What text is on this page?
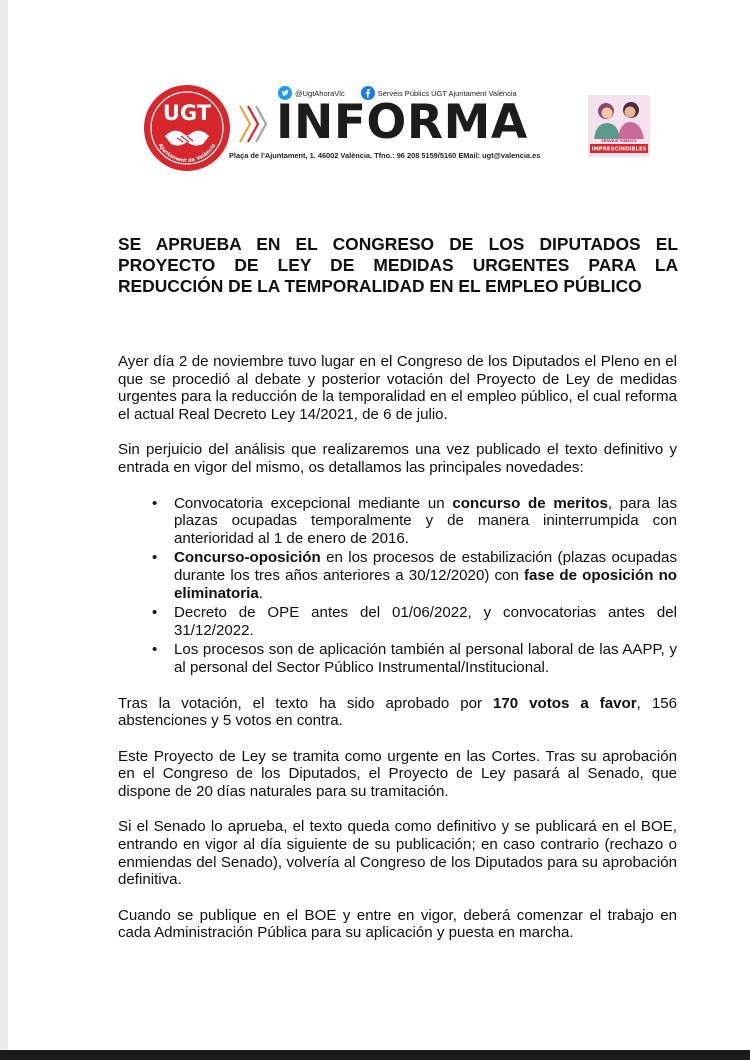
UGT
Ajuntament de València
@UgtAhoraVlc	Serveis Públics UGT Ajuntament València
INFORMA
Plaça de l'Ajuntament, 1. 46002 València. Tfno.: 96 208 5159/5160 EMail: ugt@valencia.es
SERVEIS PÚBLICS
IMPRESCINDIBLES
SE APRUEBA EN EL CONGRESO DE LOS DIPUTADOS EL
PROYECTO DE LEY DE MEDIDAS URGENTES PARA LA
REDUCCIÓN DE LA TEMPORALIDAD EN EL EMPLEO PÚBLICO

Ayer día 2 de noviembre tuvo lugar en el Congreso de los Diputados el Pleno en el que se procedió al debate y posterior votación del Proyecto de Ley de medidas urgentes para la reducción de la temporalidad en el empleo público, el cual reforma el actual Real Decreto Ley 14/2021, de 6 de julio.

Sin perjuicio del análisis que realizaremos una vez publicado el texto definitivo y entrada en vigor del mismo, os detallamos las principales novedades:

• Convocatoria excepcional mediante un concurso de meritos, para las plazas ocupadas temporalmente y de manera ininterrumpida con anterioridad al 1 de enero de 2016.
• Concurso-oposición en los procesos de estabilización (plazas ocupadas durante los tres años anteriores a 30/12/2020) con fase de oposición no eliminatoria.
• Decreto de OPE antes del 01/06/2022, y convocatorias antes del 31/12/2022.
• Los procesos son de aplicación también al personal laboral de las AAPP, y al personal del Sector Público Instrumental/Institucional.

Tras la votación, el texto ha sido aprobado por 170 votos a favor, 156 abstenciones y 5 votos en contra.

Este Proyecto de Ley se tramita como urgente en las Cortes. Tras su aprobación en el Congreso de los Diputados, el Proyecto de Ley pasará al Senado, que dispone de 20 días naturales para su tramitación.

Si el Senado lo aprueba, el texto queda como definitivo y se publicará en el BOE, entrando en vigor al día siguiente de su publicación; en caso contrario (rechazo o enmiendas del Senado), volvería al Congreso de los Diputados para su aprobación definitiva.

Cuando se publique en el BOE y entre en vigor, deberá comenzar el trabajo en cada Administración Pública para su aplicación y puesta en marcha.
